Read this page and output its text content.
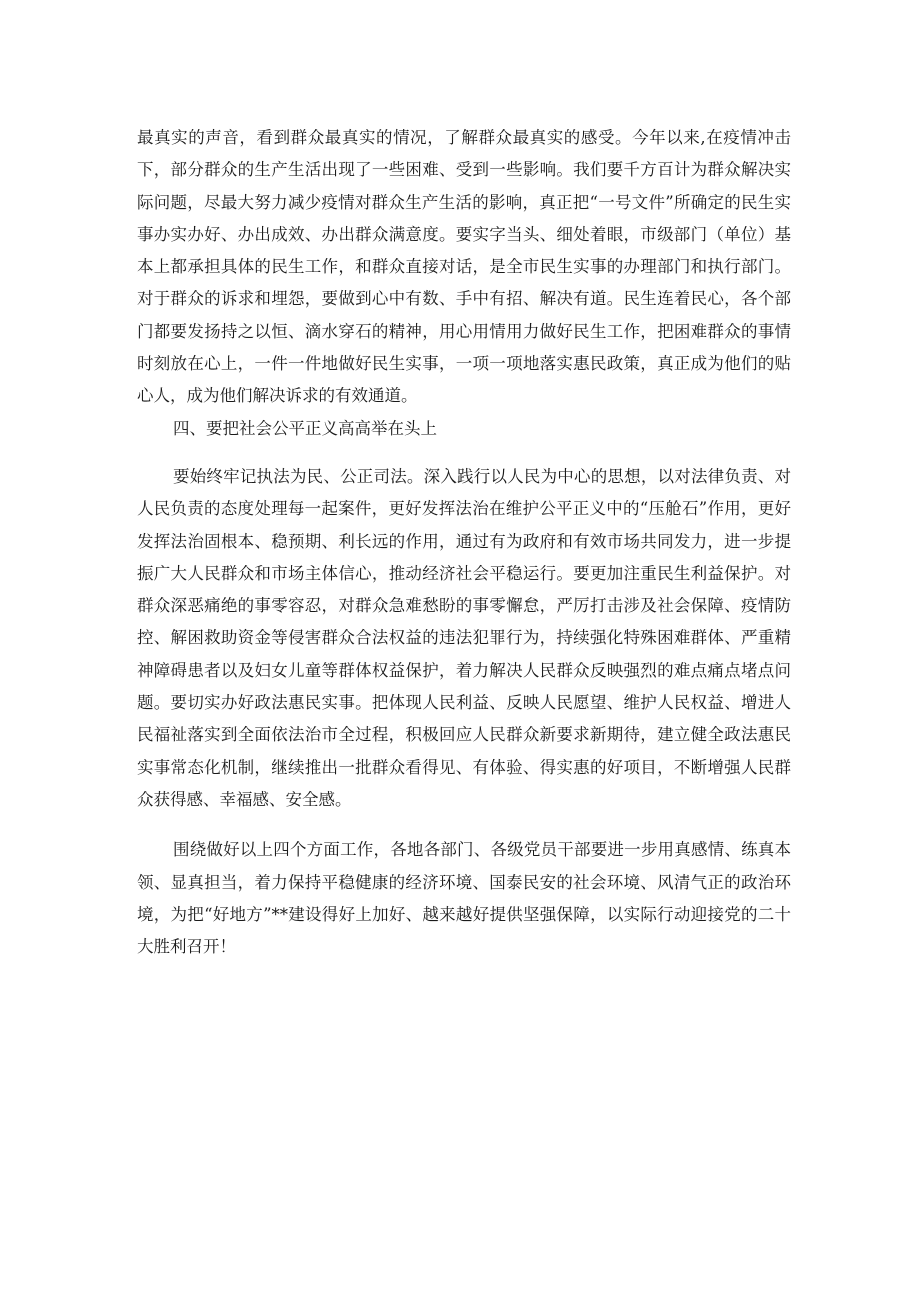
最真实的声音，看到群众最真实的情况，了解群众最真实的感受。今年以来,在疫情冲击下，部分群众的生产生活出现了一些困难、受到一些影响。我们要千方百计为群众解决实际问题，尽最大努力减少疫情对群众生产生活的影响，真正把“一号文件”所确定的民生实事办实办好、办出成效、办出群众满意度。要实字当头、细处着眼，市级部门（单位）基本上都承担具体的民生工作，和群众直接对话，是全市民生实事的办理部门和执行部门。对于群众的诉求和埋怨，要做到心中有数、手中有招、解决有道。民生连着民心，各个部门都要发扬持之以恒、滴水穿石的精神，用心用情用力做好民生工作，把困难群众的事情时刻放在心上，一件一件地做好民生实事，一项一项地落实惠民政策，真正成为他们的贴心人，成为他们解决诉求的有效通道。

四、要把社会公平正义高高举在头上

要始终牢记执法为民、公正司法。深入践行以人民为中心的思想，以对法律负责、对人民负责的态度处理每一起案件，更好发挥法治在维护公平正义中的“压舱石”作用，更好发挥法治固根本、稳预期、利长远的作用，通过有为政府和有效市场共同发力，进一步提振广大人民群众和市场主体信心，推动经济社会平稳运行。要更加注重民生利益保护。对群众深恶痛绝的事零容忍，对群众急难愁盼的事零懈怠，严厉打击涉及社会保障、疫情防控、解困救助资金等侵害群众合法权益的违法犯罪行为，持续强化特殊困难群体、严重精神障碍患者以及妇女儿童等群体权益保护，着力解决人民群众反映强烈的难点痛点堵点问题。要切实办好政法惠民实事。把体现人民利益、反映人民愿望、维护人民权益、增进人民福祉落实到全面依法治市全过程，积极回应人民群众新要求新期待，建立健全政法惠民实事常态化机制，继续推出一批群众看得见、有体验、得实惠的好项目，不断增强人民群众获得感、幸福感、安全感。

围绕做好以上四个方面工作，各地各部门、各级党员干部要进一步用真感情、练真本领、显真担当，着力保持平稳健康的经济环境、国泰民安的社会环境、风清气正的政治环境，为把“好地方”**建设得好上加好、越来越好提供坚强保障，以实际行动迎接党的二十大胜利召开！
